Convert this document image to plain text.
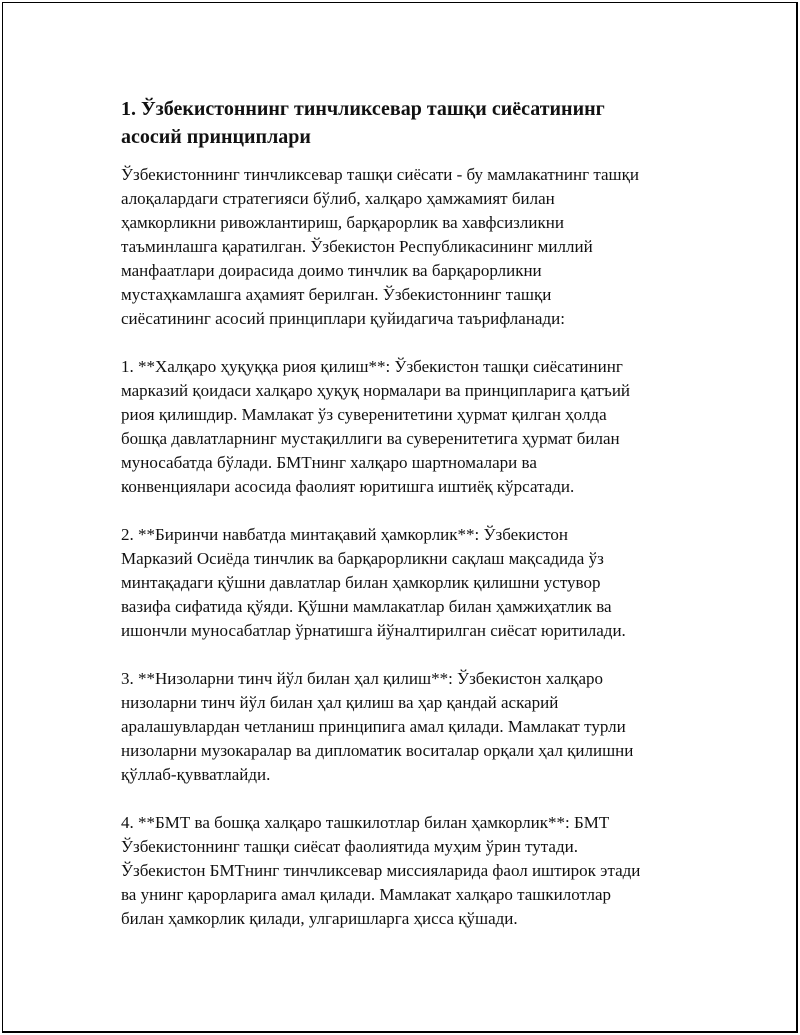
1. Ўзбекистоннинг тинчликсевар ташқи сиёсатининг
асосий принциплари
Ўзбекистоннинг тинчликсевар ташқи сиёсати - бу мамлакатнинг ташқи
алоқалардаги стратегияси бўлиб, халқаро ҳамжамият билан
ҳамкорликни ривожлантириш, барқарорлик ва хавфсизликни
таъминлашга қаратилган. Ўзбекистон Республикасининг миллий
манфаатлари доирасида доимо тинчлик ва барқарорликни
мустаҳкамлашга аҳамият берилган. Ўзбекистоннинг ташқи
сиёсатининг асосий принциплари қуйидагича таърифланади:
1. **Халқаро ҳуқуққа риоя қилиш**: Ўзбекистон ташқи сиёсатининг
марказий қоидаси халқаро ҳуқуқ нормалари ва принципларига қатъий
риоя қилишдир. Мамлакат ўз суверенитетини ҳурмат қилган ҳолда
бошқа давлатларнинг мустақиллиги ва суверенитетига ҳурмат билан
муносабатда бўлади. БМТнинг халқаро шартномалари ва
конвенциялари асосида фаолият юритишга иштиёқ кўрсатади.
2. **Биринчи навбатда минтақавий ҳамкорлик**: Ўзбекистон
Марказий Осиёда тинчлик ва барқарорликни сақлаш мақсадида ўз
минтақадаги қўшни давлатлар билан ҳамкорлик қилишни устувор
вазифа сифатида қўяди. Қўшни мамлакатлар билан ҳамжиҳатлик ва
ишончли муносабатлар ўрнатишга йўналтирилган сиёсат юритилади.
3. **Низоларни тинч йўл билан ҳал қилиш**: Ўзбекистон халқаро
низоларни тинч йўл билан ҳал қилиш ва ҳар қандай аскарий
аралашувлардан четланиш принципига амал қилади. Мамлакат турли
низоларни музокаралар ва дипломатик воситалар орқали ҳал қилишни
қўллаб-қувватлайди.
4. **БМТ ва бошқа халқаро ташкилотлар билан ҳамкорлик**: БМТ
Ўзбекистоннинг ташқи сиёсат фаолиятида муҳим ўрин тутади.
Ўзбекистон БМТнинг тинчликсевар миссияларида фаол иштирок этади
ва унинг қарорларига амал қилади. Мамлакат халқаро ташкилотлар
билан ҳамкорлик қилади, улгаришларга ҳисса қўшади.
